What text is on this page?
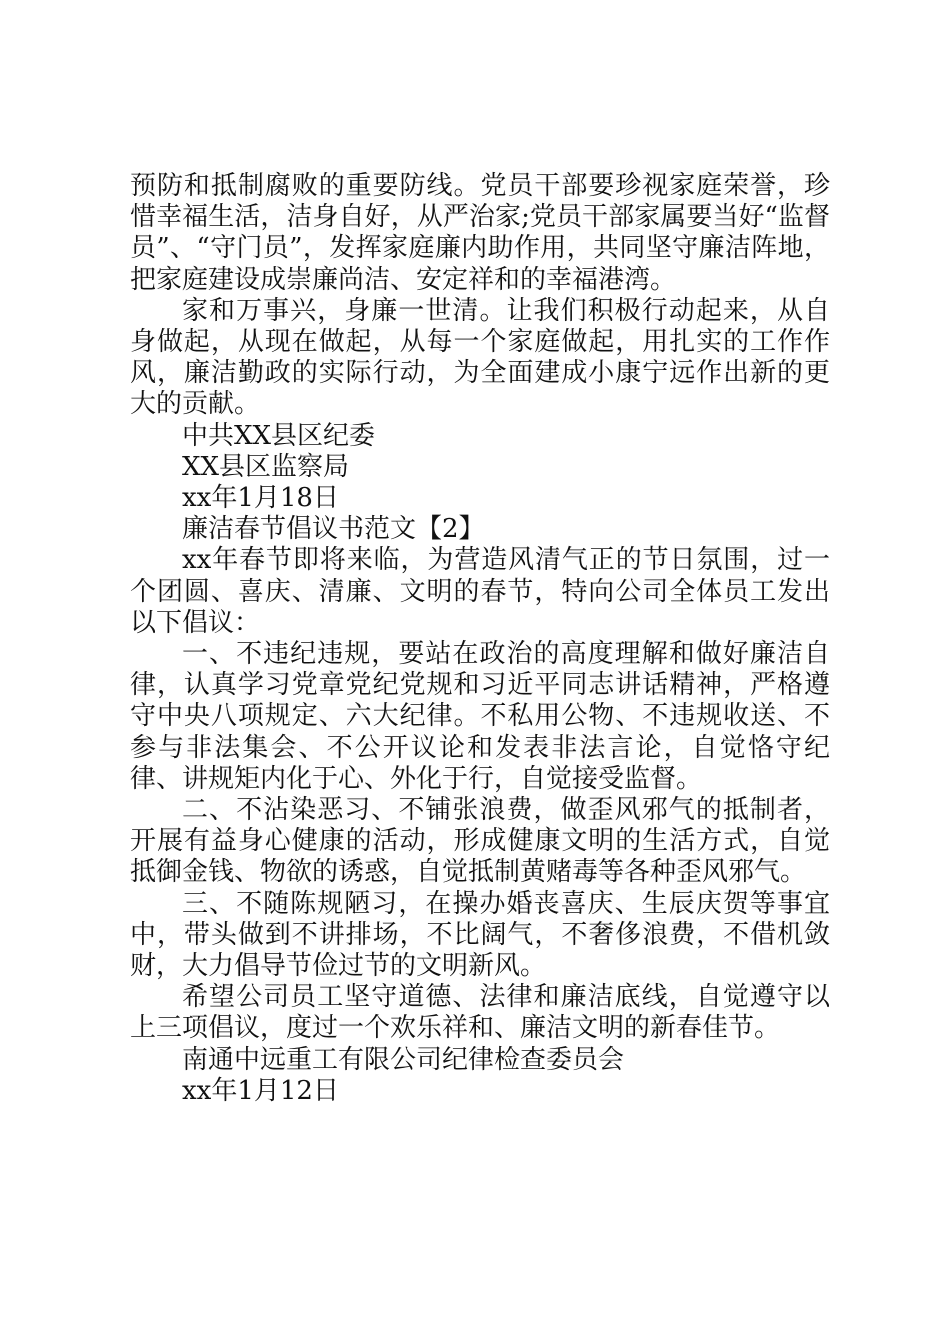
预防和抵制腐败的重要防线。党员干部要珍视家庭荣誉，珍惜幸福生活，洁身自好，从严治家;党员干部家属要当好“监督员”、“守门员”，发挥家庭廉内助作用，共同坚守廉洁阵地，把家庭建设成崇廉尚洁、安定祥和的幸福港湾。

家和万事兴，身廉一世清。让我们积极行动起来，从自身做起，从现在做起，从每一个家庭做起，用扎实的工作作风，廉洁勤政的实际行动，为全面建成小康宁远作出新的更大的贡献。

中共XX县区纪委

XX县区监察局

xx年1月18日

廉洁春节倡议书范文【2】

xx年春节即将来临，为营造风清气正的节日氛围，过一个团圆、喜庆、清廉、文明的春节，特向公司全体员工发出以下倡议：

一、不违纪违规，要站在政治的高度理解和做好廉洁自律，认真学习党章党纪党规和习近平同志讲话精神，严格遵守中央八项规定、六大纪律。不私用公物、不违规收送、不参与非法集会、不公开议论和发表非法言论，自觉恪守纪律、讲规矩内化于心、外化于行，自觉接受监督。

二、不沾染恶习、不铺张浪费，做歪风邪气的抵制者，开展有益身心健康的活动，形成健康文明的生活方式，自觉抵御金钱、物欲的诱惑，自觉抵制黄赌毒等各种歪风邪气。

三、不随陈规陋习，在操办婚丧喜庆、生辰庆贺等事宜中，带头做到不讲排场，不比阔气，不奢侈浪费，不借机敛财，大力倡导节俭过节的文明新风。

希望公司员工坚守道德、法律和廉洁底线，自觉遵守以上三项倡议，度过一个欢乐祥和、廉洁文明的新春佳节。

南通中远重工有限公司纪律检查委员会

xx年1月12日
